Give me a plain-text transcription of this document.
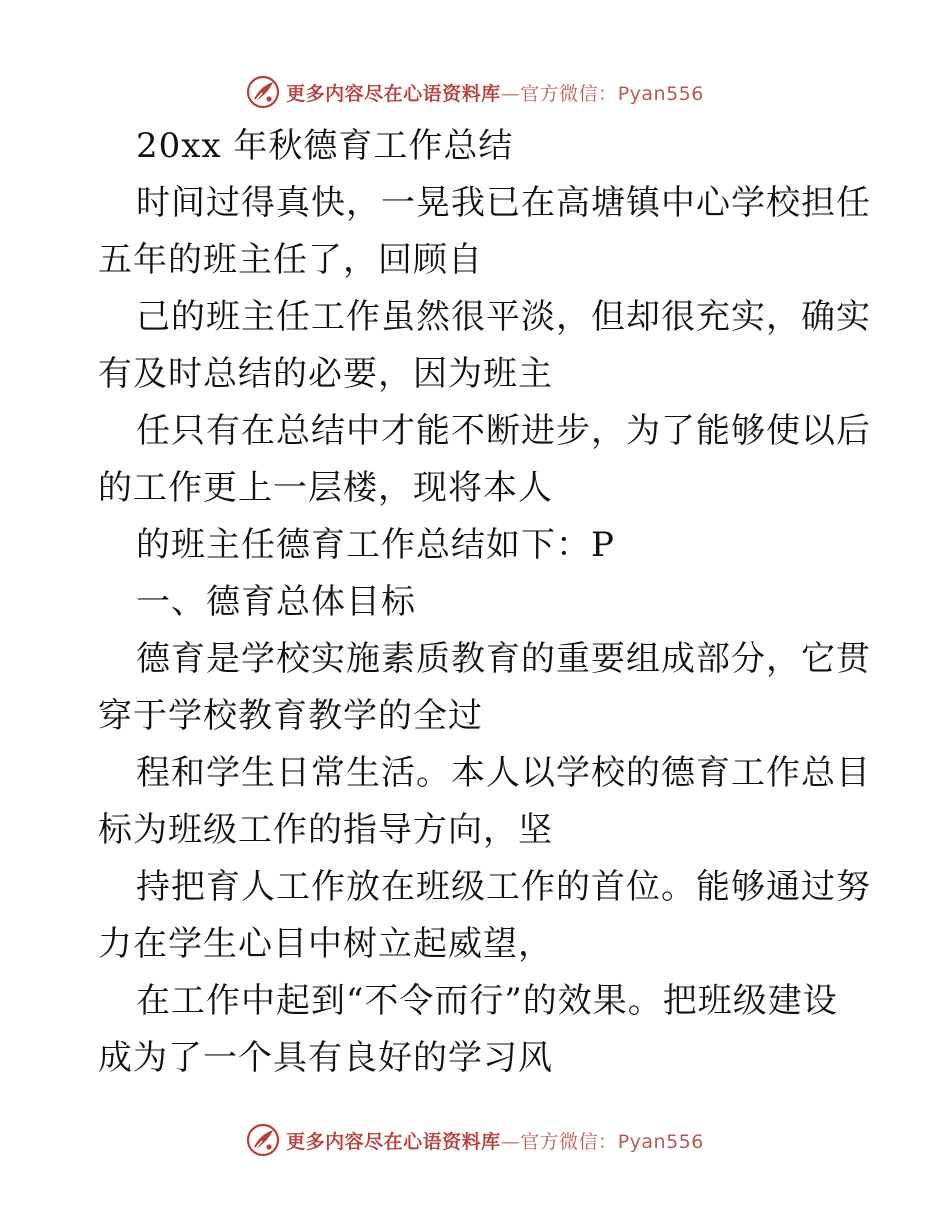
更多内容尽在心语资料库—官方微信：Pyan556
20xx 年秋德育工作总结
时间过得真快，一晃我已在高塘镇中心学校担任
五年的班主任了，回顾自
己的班主任工作虽然很平淡，但却很充实，确实
有及时总结的必要，因为班主
任只有在总结中才能不断进步，为了能够使以后
的工作更上一层楼，现将本人
的班主任德育工作总结如下：P
一、德育总体目标
德育是学校实施素质教育的重要组成部分，它贯
穿于学校教育教学的全过
程和学生日常生活。本人以学校的德育工作总目
标为班级工作的指导方向，坚
持把育人工作放在班级工作的首位。能够通过努
力在学生心目中树立起威望，
在工作中起到“不令而行”的效果。把班级建设
成为了一个具有良好的学习风
更多内容尽在心语资料库—官方微信：Pyan556
